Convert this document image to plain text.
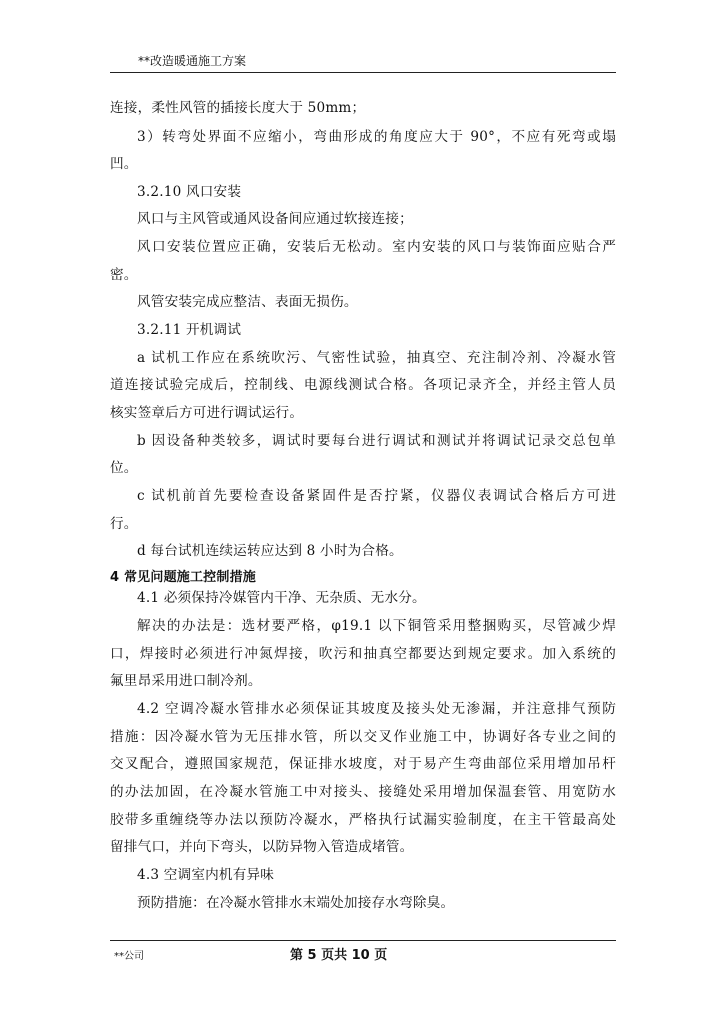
**改造暖通施工方案
连接，柔性风管的插接长度大于 50mm；
3）转弯处界面不应缩小，弯曲形成的角度应大于 90°，不应有死弯或塌
凹。
3.2.10 风口安装
风口与主风管或通风设备间应通过软接连接；
风口安装位置应正确，安装后无松动。室内安装的风口与装饰面应贴合严
密。
风管安装完成应整洁、表面无损伤。
3.2.11 开机调试
a 试机工作应在系统吹污、气密性试验，抽真空、充注制冷剂、冷凝水管
道连接试验完成后，控制线、电源线测试合格。各项记录齐全，并经主管人员
核实签章后方可进行调试运行。
b 因设备种类较多，调试时要每台进行调试和测试并将调试记录交总包单
位。
c 试机前首先要检查设备紧固件是否拧紧，仪器仪表调试合格后方可进
行。
d 每台试机连续运转应达到 8 小时为合格。
4 常见问题施工控制措施
4.1 必须保持冷媒管内干净、无杂质、无水分。
解决的办法是：选材要严格，φ19.1 以下铜管采用整捆购买，尽管减少焊
口，焊接时必须进行冲氮焊接，吹污和抽真空都要达到规定要求。加入系统的
氟里昂采用进口制冷剂。
4.2 空调冷凝水管排水必须保证其坡度及接头处无渗漏，并注意排气预防
措施：因冷凝水管为无压排水管，所以交叉作业施工中，协调好各专业之间的
交叉配合，遵照国家规范，保证排水坡度，对于易产生弯曲部位采用增加吊杆
的办法加固，在冷凝水管施工中对接头、接缝处采用增加保温套管、用宽防水
胶带多重缠绕等办法以预防冷凝水，严格执行试漏实验制度，在主干管最高处
留排气口，并向下弯头，以防异物入管造成堵管。
4.3 空调室内机有异味
预防措施：在冷凝水管排水末端处加接存水弯除臭。
**公司	第 5 页共 10 页
